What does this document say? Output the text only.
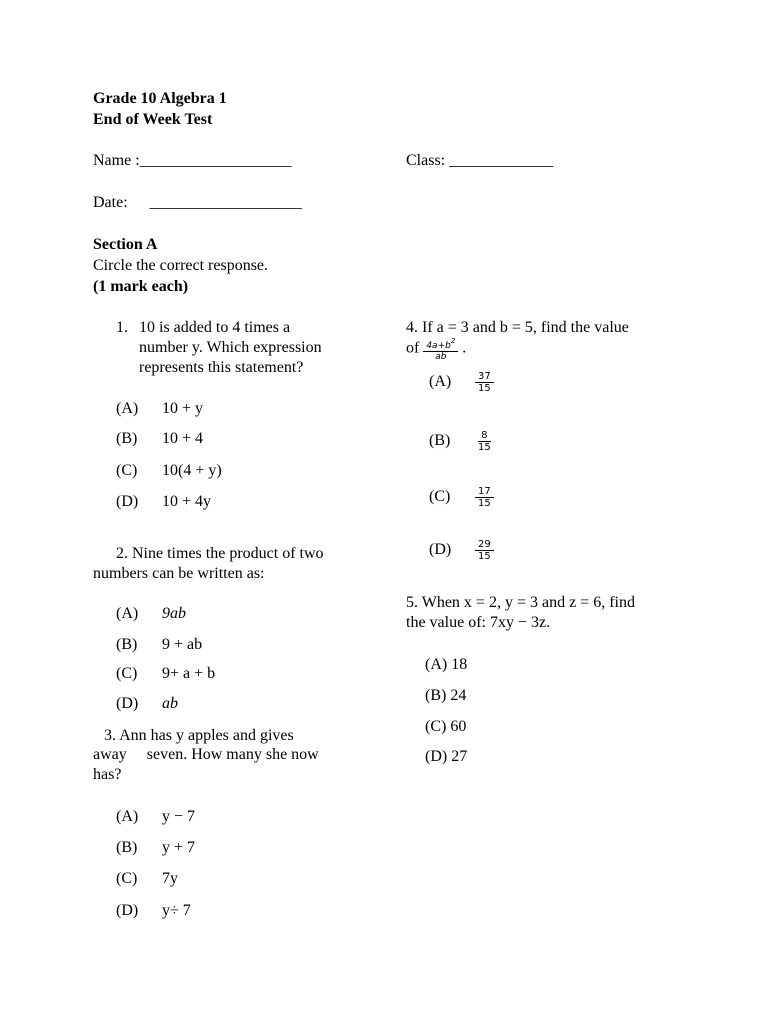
Grade 10 Algebra 1
End of Week Test
Name :___________________	Class: _____________
Date: ___________________
Section A
Circle the correct response.
(1 mark each)
1. 10 is added to 4 times a
number y. Which expression
represents this statement?
(A) 10 + y
(B) 10 + 4
(C) 10(4 + y)
(D) 10 + 4y
2. Nine times the product of two
numbers can be written as:
(A) 9ab
(B) 9 + ab
(C) 9+ a + b
(D) ab
3. Ann has y apples and gives
away     seven. How many she now
has?
(A) y − 7
(B) y + 7
(C) 7y
(D) y÷ 7
4. If a = 3 and b = 5, find the value
of $\frac{4a+b^2}{ab}$ .
$(A) \frac{37}{15}$
$(B) \frac{8}{15}$
$(C) \frac{17}{15}$
$(D) \frac{29}{15}$
5. When x = 2, y = 3 and z = 6, find
the value of: 7xy − 3z.
(A) 18
(B) 24
(C) 60
(D) 27
